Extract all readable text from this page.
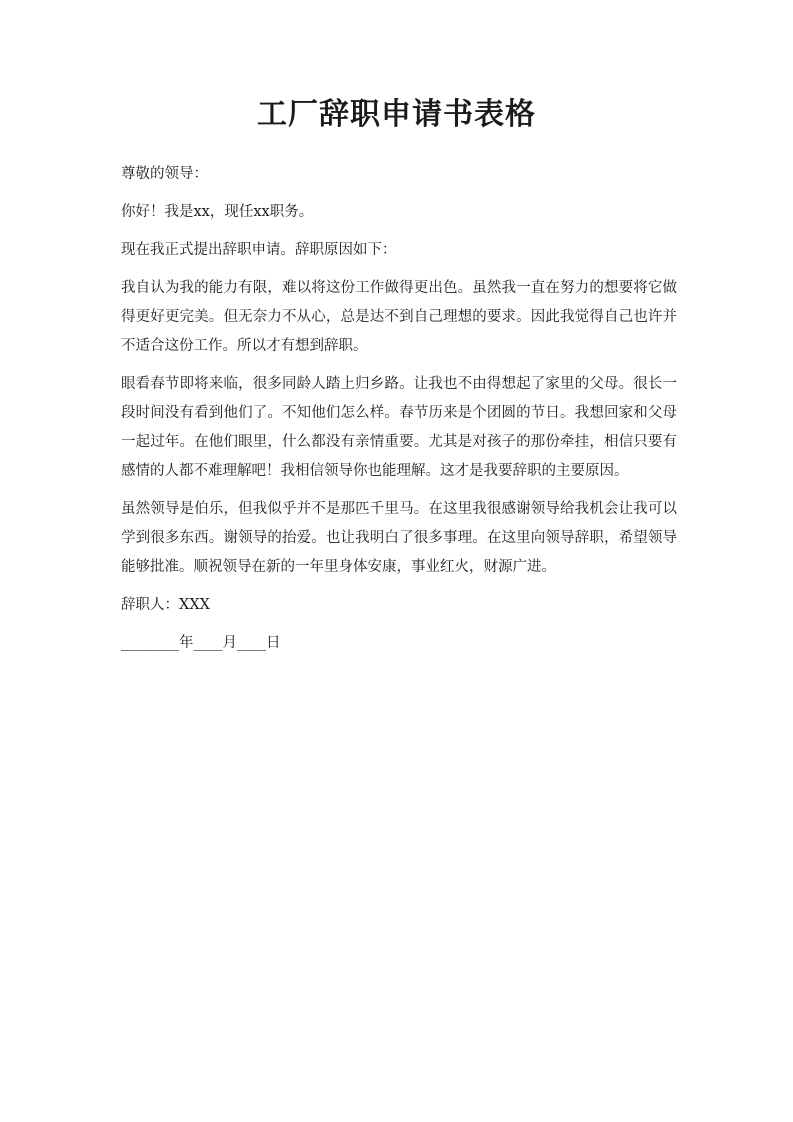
工厂辞职申请书表格

尊敬的领导：

你好！我是xx，现任xx职务。

现在我正式提出辞职申请。辞职原因如下：

我自认为我的能力有限，难以将这份工作做得更出色。虽然我一直在努力的想要将它做得更好更完美。但无奈力不从心，总是达不到自己理想的要求。因此我觉得自己也许并不适合这份工作。所以才有想到辞职。

眼看春节即将来临，很多同龄人踏上归乡路。让我也不由得想起了家里的父母。很长一段时间没有看到他们了。不知他们怎么样。春节历来是个团圆的节日。我想回家和父母一起过年。在他们眼里，什么都没有亲情重要。尤其是对孩子的那份牵挂，相信只要有感情的人都不难理解吧！我相信领导你也能理解。这才是我要辞职的主要原因。

虽然领导是伯乐，但我似乎并不是那匹千里马。在这里我很感谢领导给我机会让我可以学到很多东西。谢领导的抬爱。也让我明白了很多事理。在这里向领导辞职，希望领导能够批准。顺祝领导在新的一年里身体安康，事业红火，财源广进。

辞职人：XXX

________年____月____日
